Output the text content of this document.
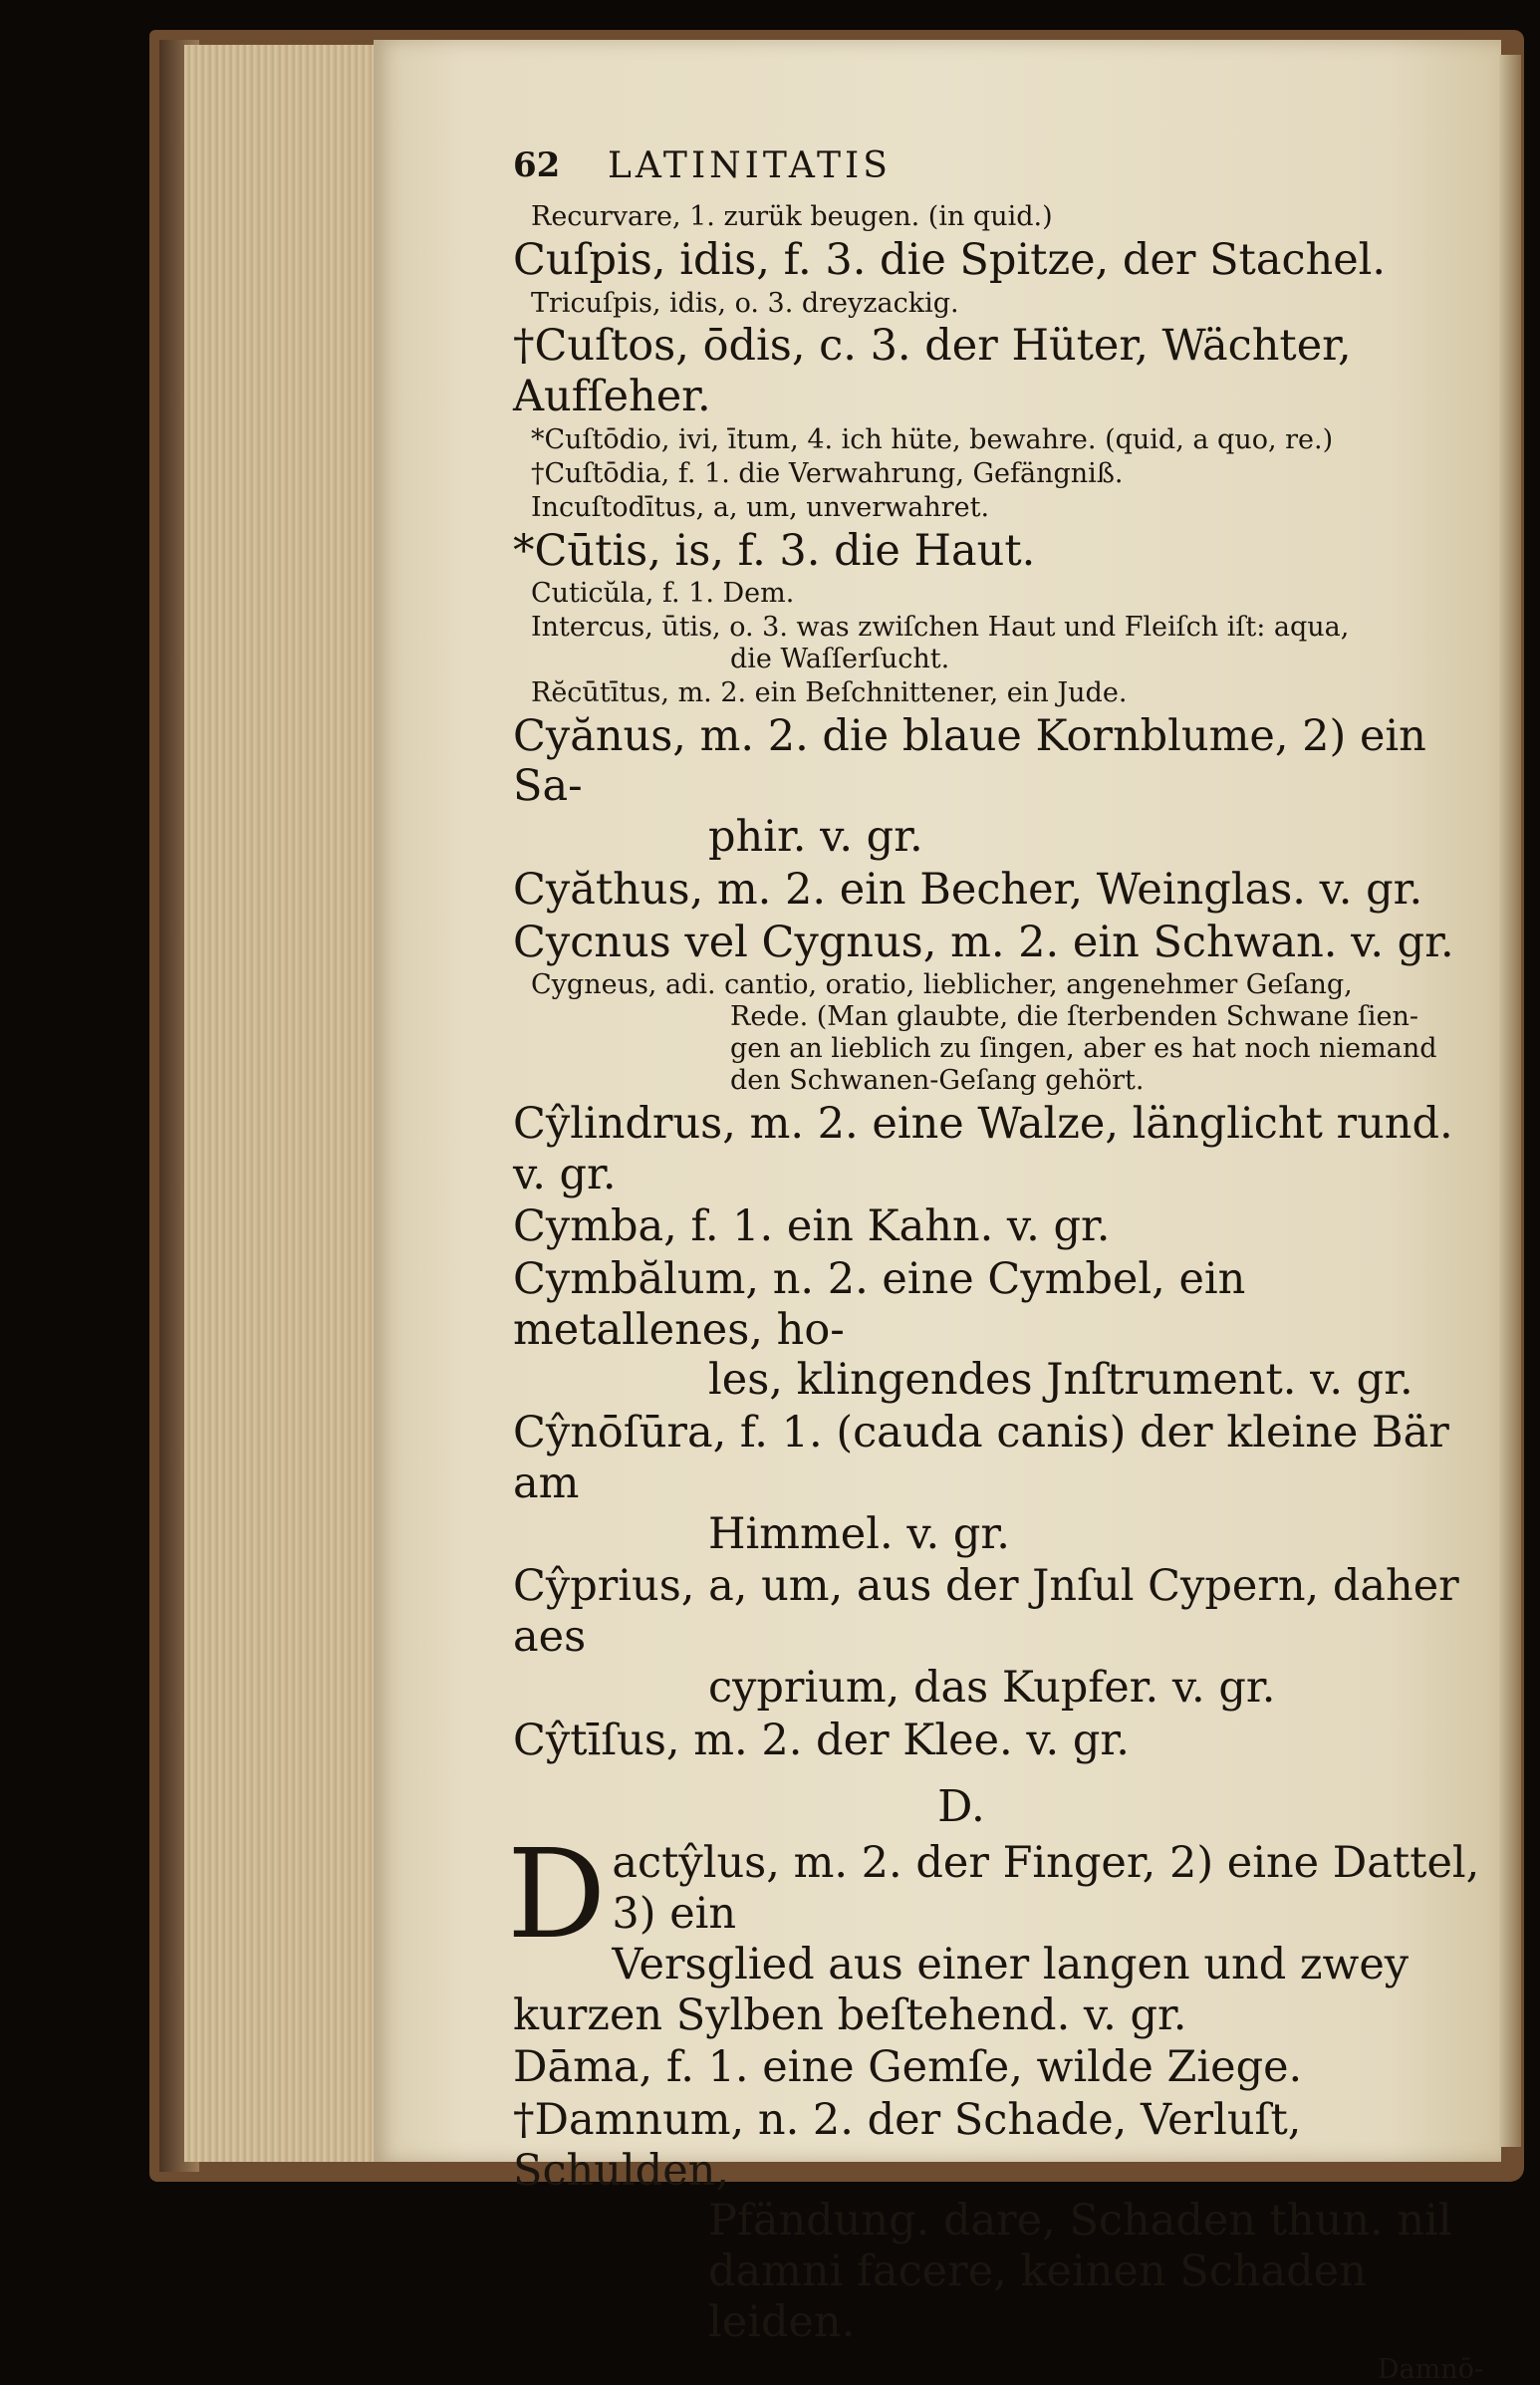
62 LATINITATIS
Recurvare, 1. zurük beugen. (in quid.)
Cuſpis, idis, f. 3. die Spitze, der Stachel.
Tricuſpis, idis, o. 3. dreyzackig.
†Cuſtos, ōdis, c. 3. der Hüter, Wächter, Aufſeher.
*Cuſtōdio, ivi, ītum, 4. ich hüte, bewahre. (quid, a quo, re.)
†Cuſtōdia, f. 1. die Verwahrung, Gefängniß.
Incuſtodītus, a, um, unverwahret.
*Cūtis, is, f. 3. die Haut.
Cuticŭla, f. 1. Dem.
Intercus, ūtis, o. 3. was zwiſchen Haut und Fleiſch iſt: aqua,
die Waſſerſucht.
Rĕcūtītus, m. 2. ein Beſchnittener, ein Jude.
Cyănus, m. 2. die blaue Kornblume, 2) ein Sa-
phir. v. gr.
Cyăthus, m. 2. ein Becher, Weinglas. v. gr.
Cycnus vel Cygnus, m. 2. ein Schwan. v. gr.
Cygneus, adi. cantio, oratio, lieblicher, angenehmer Geſang,
Rede. (Man glaubte, die ſterbenden Schwane ſien-
gen an lieblich zu ſingen, aber es hat noch niemand
den Schwanen-Geſang gehört.
Cŷlindrus, m. 2. eine Walze, länglicht rund. v. gr.
Cymba, f. 1. ein Kahn. v. gr.
Cymbălum, n. 2. eine Cymbel, ein metallenes, ho-
les, klingendes Jnſtrument. v. gr.
Cŷnōſūra, f. 1. (cauda canis) der kleine Bär am
Himmel. v. gr.
Cŷprius, a, um, aus der Jnſul Cypern, daher aes
cyprium, das Kupfer. v. gr.
Cŷtīſus, m. 2. der Klee. v. gr.
D.
D actŷlus, m. 2. der Finger, 2) eine Dattel, 3) ein
Versglied aus einer langen und zwey
kurzen Sylben beſtehend. v. gr.
Dāma, f. 1. eine Gemſe, wilde Ziege.
†Damnum, n. 2. der Schade, Verluſt, Schulden,
Pfändung. dare, Schaden thun. nil
damni facere, keinen Schaden leiden.
Damnō-
